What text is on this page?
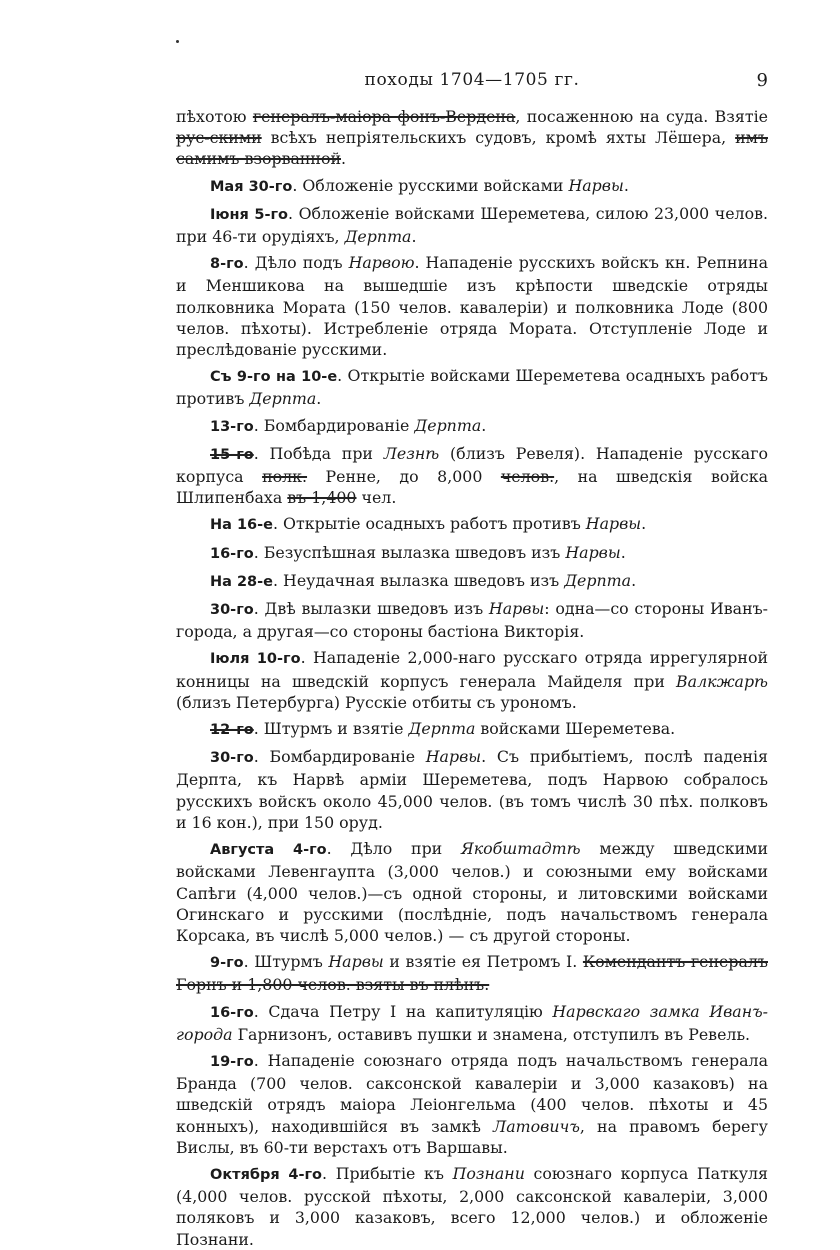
походы 1704—1705 гг.	9

пѣхотою генералъ-маіора фонъ-Вердена, посаженною на суда. Взятіе рус-скими всѣхъ непріятельскихъ судовъ, кромѣ яхты Лёшера, имъ самимъ взорванной.

Мая 30-го. Обложеніе русскими войсками Нарвы.

Іюня 5-го. Обложеніе войсками Шереметева, силою 23,000 челов. при 46-ти орудіяхъ, Дерпта.

8-го. Дѣло подъ Нарвою. Нападеніе русскихъ войскъ кн. Репнина и Меншикова на вышедшіе изъ крѣпости шведскіе отряды полковника Мората (150 челов. кавалеріи) и полковника Лоде (800 челов. пѣхоты). Истребленіе отряда Мората. Отступленіе Лоде и преслѣдованіе русскими.

Съ 9-го на 10-е. Открытіе войсками Шереметева осадныхъ работъ противъ Дерпта.

13-го. Бомбардированіе Дерпта.

15-го. Побѣда при Лезнѣ (близъ Ревеля). Нападеніе русскаго корпуса полк. Ренне, до 8,000 челов., на шведскія войска Шлипенбаха въ 1,400 чел.

На 16-е. Открытіе осадныхъ работъ противъ Нарвы.

16-го. Безуспѣшная вылазка шведовъ изъ Нарвы.

На 28-е. Неудачная вылазка шведовъ изъ Дерпта.

30-го. Двѣ вылазки шведовъ изъ Нарвы: одна—со стороны Иванъ-города, а другая—со стороны бастіона Викторія.

Іюля 10-го. Нападеніе 2,000-наго русскаго отряда иррегулярной конницы на шведскій корпусъ генерала Майделя при Валкжарѣ (близъ Петербурга) Русскіе отбиты съ урономъ.

12-го. Штурмъ и взятіе Дерпта войсками Шереметева.

30-го. Бомбардированіе Нарвы. Съ прибытіемъ, послѣ паденія Дерпта, къ Нарвѣ арміи Шереметева, подъ Нарвою собралось русскихъ войскъ около 45,000 челов. (въ томъ числѣ 30 пѣх. полковъ и 16 кон.), при 150 оруд.

Августа 4-го. Дѣло при Якобштадтѣ между шведскими войсками Левенгаупта (3,000 челов.) и союзными ему войсками Сапѣги (4,000 челов.)—съ одной стороны, и литовскими войсками Огинскаго и русскими (послѣдніе, подъ начальствомъ генерала Корсака, въ числѣ 5,000 челов.) — съ другой стороны.

9-го. Штурмъ Нарвы и взятіе ея Петромъ I. Комендантъ генералъ Горнъ и 1,800 челов. взяты въ плѣнъ.

16-го. Сдача Петру I на капитуляцію Нарвскаго замка Иванъ-города Гарнизонъ, оставивъ пушки и знамена, отступилъ въ Ревель.

19-го. Нападеніе союзнаго отряда подъ начальствомъ генерала Бранда (700 челов. саксонской кавалеріи и 3,000 казаковъ) на шведскій отрядъ маіора Леіонгельма (400 челов. пѣхоты и 45 конныхъ), находившійся въ замкѣ Латовичъ, на правомъ берегу Вислы, въ 60-ти верстахъ отъ Варшавы.

Октября 4-го. Прибытіе къ Познани союзнаго корпуса Паткуля (4,000 челов. русской пѣхоты, 2,000 саксонской кавалеріи, 3,000 поляковъ и 3,000 казаковъ, всего 12,000 челов.) и обложеніе Познани.
